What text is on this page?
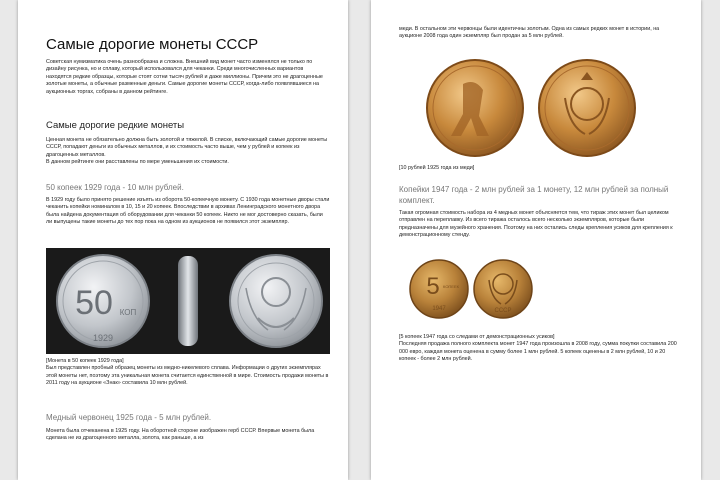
Самые дорогие монеты СССР

Советская нумизматика очень разнообразна и сложна. Внешний вид монет часто изменялся не только по дизайну рисунка, но и сплаву, который использовался для чеканки. Среди многочисленных вариантов находятся редкие образцы, которые стоят сотни тысяч рублей и даже миллионы. Причем это не драгоценные золотые монеты, а обычные разменные деньги. Самые дорогие монеты СССР, когда-либо появлявшиеся на аукционных торгах, собраны в данном рейтинге.

Самые дорогие редкие монеты

Ценная монета не обязательно должна быть золотой и тяжелой. В списке, включающий самые дорогие монеты СССР, попадают деньги из обычных металлов, и их стоимость часто выше, чем у рублей и копеек из драгоценных металлов.

В данном рейтинге они расставлены по мере уменьшения их стоимости.

50 копеек 1929 года - 10 млн рублей.

В 1929 году было принято решение изъять из оборота 50-копеечную монету. С 1930 года монетные дворы стали чеканить копейки номиналом в 10, 15 и 20 копеек. Впоследствии в архивах Ленинградского монетного двора была найдена документация об оборудовании для чеканки 50 копеек. Никто не мог достоверно сказать, были ли выпущены такие монеты до тех пор пока на одном из аукционов не появился этот экземпляр.

50 КОП
1929
[Монета в 50 копеек 1929 года]

Был представлен пробный образец монеты из медно-никелевого сплава. Информации о других экземплярах этой монеты нет, поэтому эта уникальная монета считается единственной в мире. Стоимость продажи монеты в 2011 году на аукционе «Знак» составила 10 млн рублей.

Медный червонец 1925 года - 5 млн рублей.

Монета была отчеканена в 1925 году. На оборотной стороне изображен герб СССР. Впервые монета была сделана не из драгоценного металла, золота, как раньше, а из

меди. В остальном эти червонцы были идентичны золотым. Одна из самых редких монет в истории, на аукционе 2008 года один экземпляр был продан за 5 млн рублей.

[10 рублей 1925 года из меди]
Копейки 1947 года - 2 млн рублей за 1 монету, 12 млн рублей за полный комплект.

Такая огромная стоимость набора из 4 медных монет объясняется тем, что тираж этих монет был целиком отправлен на переплавку. Из всего тиража осталось всего несколько экземпляров, которые были предназначены для музейного хранения. Поэтому на них остались следы крепления усиков для крепления к демонстрационному стенду.

5 КОПЕЕК
1947	СССР
[5 копеек 1947 года со следами от демонстрационных усиков]

Последняя продажа полного комплекта монет 1947 года произошла в 2008 году, сумма покупки составила 200 000 евро, каждая монета оценена в сумму более 1 млн рублей. 5 копеек оценены в 2 млн рублей, 10 и 20 копеек - более 2 млн рублей.
